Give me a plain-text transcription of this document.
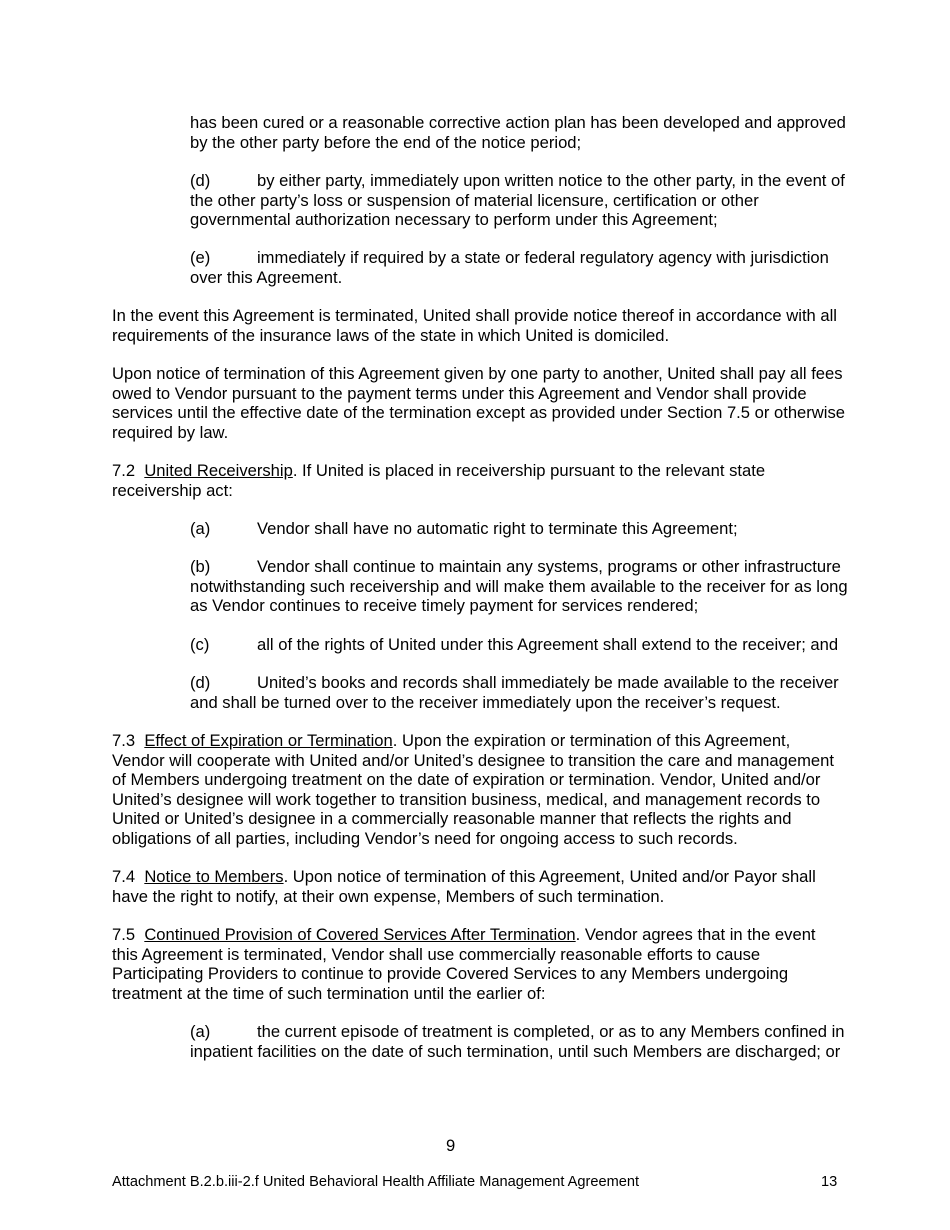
has been cured or a reasonable corrective action plan has been developed and approved
by the other party before the end of the notice period;
(d)	by either party, immediately upon written notice to the other party, in the event of
the other party’s loss or suspension of material licensure, certification or other
governmental authorization necessary to perform under this Agreement;
(e)	immediately if required by a state or federal regulatory agency with jurisdiction
over this Agreement.
In the event this Agreement is terminated, United shall provide notice thereof in accordance with all
requirements of the insurance laws of the state in which United is domiciled.
Upon notice of termination of this Agreement given by one party to another, United shall pay all fees
owed to Vendor pursuant to the payment terms under this Agreement and Vendor shall provide
services until the effective date of the termination except as provided under Section 7.5 or otherwise
required by law.
7.2 United Receivership. If United is placed in receivership pursuant to the relevant state
receivership act:
(a)	Vendor shall have no automatic right to terminate this Agreement;
(b)	Vendor shall continue to maintain any systems, programs or other infrastructure
notwithstanding such receivership and will make them available to the receiver for as long
as Vendor continues to receive timely payment for services rendered;
(c)	all of the rights of United under this Agreement shall extend to the receiver; and
(d)	United’s books and records shall immediately be made available to the receiver
and shall be turned over to the receiver immediately upon the receiver’s request.
7.3 Effect of Expiration or Termination. Upon the expiration or termination of this Agreement,
Vendor will cooperate with United and/or United’s designee to transition the care and management
of Members undergoing treatment on the date of expiration or termination. Vendor, United and/or
United’s designee will work together to transition business, medical, and management records to
United or United’s designee in a commercially reasonable manner that reflects the rights and
obligations of all parties, including Vendor’s need for ongoing access to such records.
7.4 Notice to Members. Upon notice of termination of this Agreement, United and/or Payor shall
have the right to notify, at their own expense, Members of such termination.
7.5 Continued Provision of Covered Services After Termination. Vendor agrees that in the event
this Agreement is terminated, Vendor shall use commercially reasonable efforts to cause
Participating Providers to continue to provide Covered Services to any Members undergoing
treatment at the time of such termination until the earlier of:
(a)	the current episode of treatment is completed, or as to any Members confined in
inpatient facilities on the date of such termination, until such Members are discharged; or
9
Attachment B.2.b.iii-2.f United Behavioral Health Affiliate Management Agreement	13
